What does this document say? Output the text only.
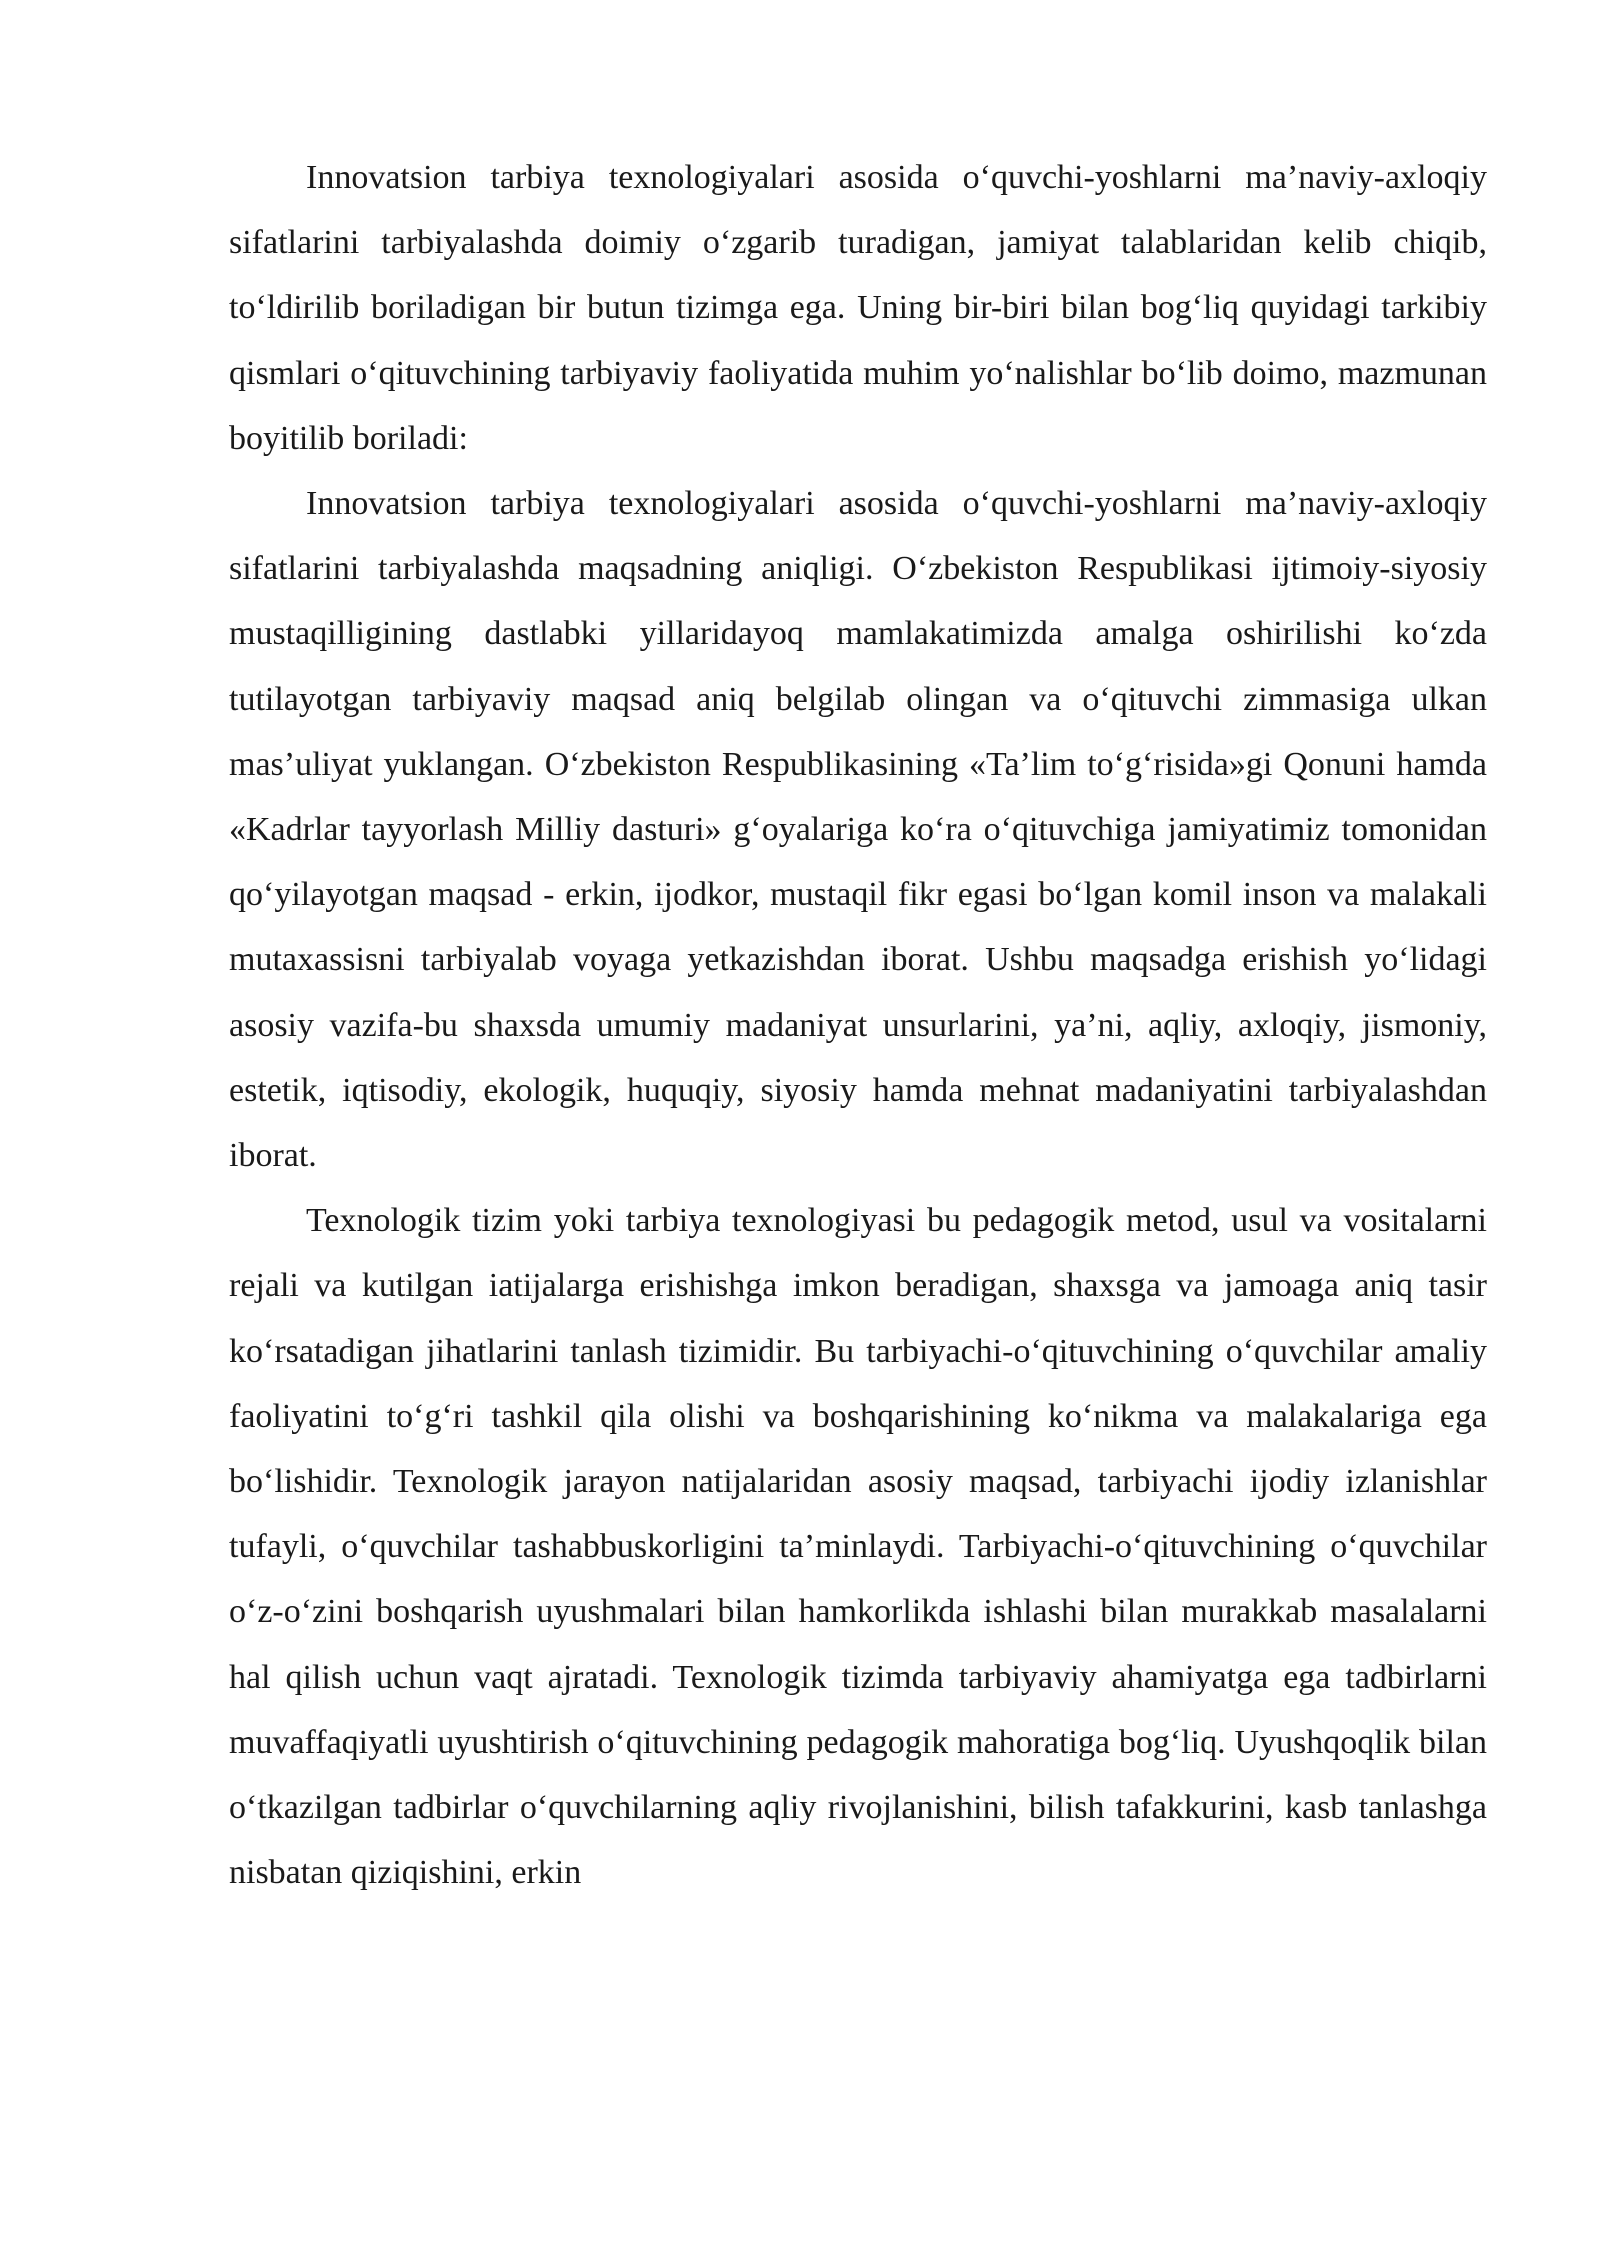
Innovatsion tarbiya texnologiyalari asosida o‘quvchi-yoshlarni ma’naviy-axloqiy sifatlarini tarbiyalashda doimiy o‘zgarib turadigan, jamiyat talablaridan kelib chiqib, to‘ldirilib boriladigan bir butun tizimga ega. Uning bir-biri bilan bog‘liq quyidagi tarkibiy qismlari o‘qituvchining tarbiyaviy faoliyatida muhim yo‘nalishlar bo‘lib doimo, mazmunan boyitilib boriladi:

Innovatsion tarbiya texnologiyalari asosida o‘quvchi-yoshlarni ma’naviy-axloqiy sifatlarini tarbiyalashda maqsadning aniqligi. O‘zbekiston Respublikasi ijtimoiy-siyosiy mustaqilligining dastlabki yillaridayoq mamlakatimizda amalga oshirilishi ko‘zda tutilayotgan tarbiyaviy maqsad aniq belgilab olingan va o‘qituvchi zimmasiga ulkan mas’uliyat yuklangan. O‘zbekiston Respublikasining «Ta’lim to‘g‘risida»gi Qonuni hamda «Kadrlar tayyorlash Milliy dasturi» g‘oyalariga ko‘ra o‘qituvchiga jamiyatimiz tomonidan qo‘yilayotgan maqsad - erkin, ijodkor, mustaqil fikr egasi bo‘lgan komil inson va malakali mutaxassisni tarbiyalab voyaga yetkazishdan iborat. Ushbu maqsadga erishish yo‘lidagi asosiy vazifa-bu shaxsda umumiy madaniyat unsurlarini, ya’ni, aqliy, axloqiy, jismoniy, estetik, iqtisodiy, ekologik, huquqiy, siyosiy hamda mehnat madaniyatini tarbiyalashdan iborat.

Texnologik tizim yoki tarbiya texnologiyasi bu pedagogik metod, usul va vositalarni rejali va kutilgan iatijalarga erishishga imkon beradigan, shaxsga va jamoaga aniq tasir ko‘rsatadigan jihatlarini tanlash tizimidir. Bu tarbiyachi-o‘qituvchining o‘quvchilar amaliy faoliyatini to‘g‘ri tashkil qila olishi va boshqarishining ko‘nikma va malakalariga ega bo‘lishidir. Texnologik jarayon natijalaridan asosiy maqsad, tarbiyachi ijodiy izlanishlar tufayli, o‘quvchilar tashabbuskorligini ta’minlaydi. Tarbiyachi-o‘qituvchining o‘quvchilar o‘z-o‘zini boshqarish uyushmalari bilan hamkorlikda ishlashi bilan murakkab masalalarni hal qilish uchun vaqt ajratadi. Texnologik tizimda tarbiyaviy ahamiyatga ega tadbirlarni muvaffaqiyatli uyushtirish o‘qituvchining pedagogik mahoratiga bog‘liq. Uyushqoqlik bilan o‘tkazilgan tadbirlar o‘quvchilarning aqliy rivojlanishini, bilish tafakkurini, kasb tanlashga nisbatan qiziqishini, erkin
